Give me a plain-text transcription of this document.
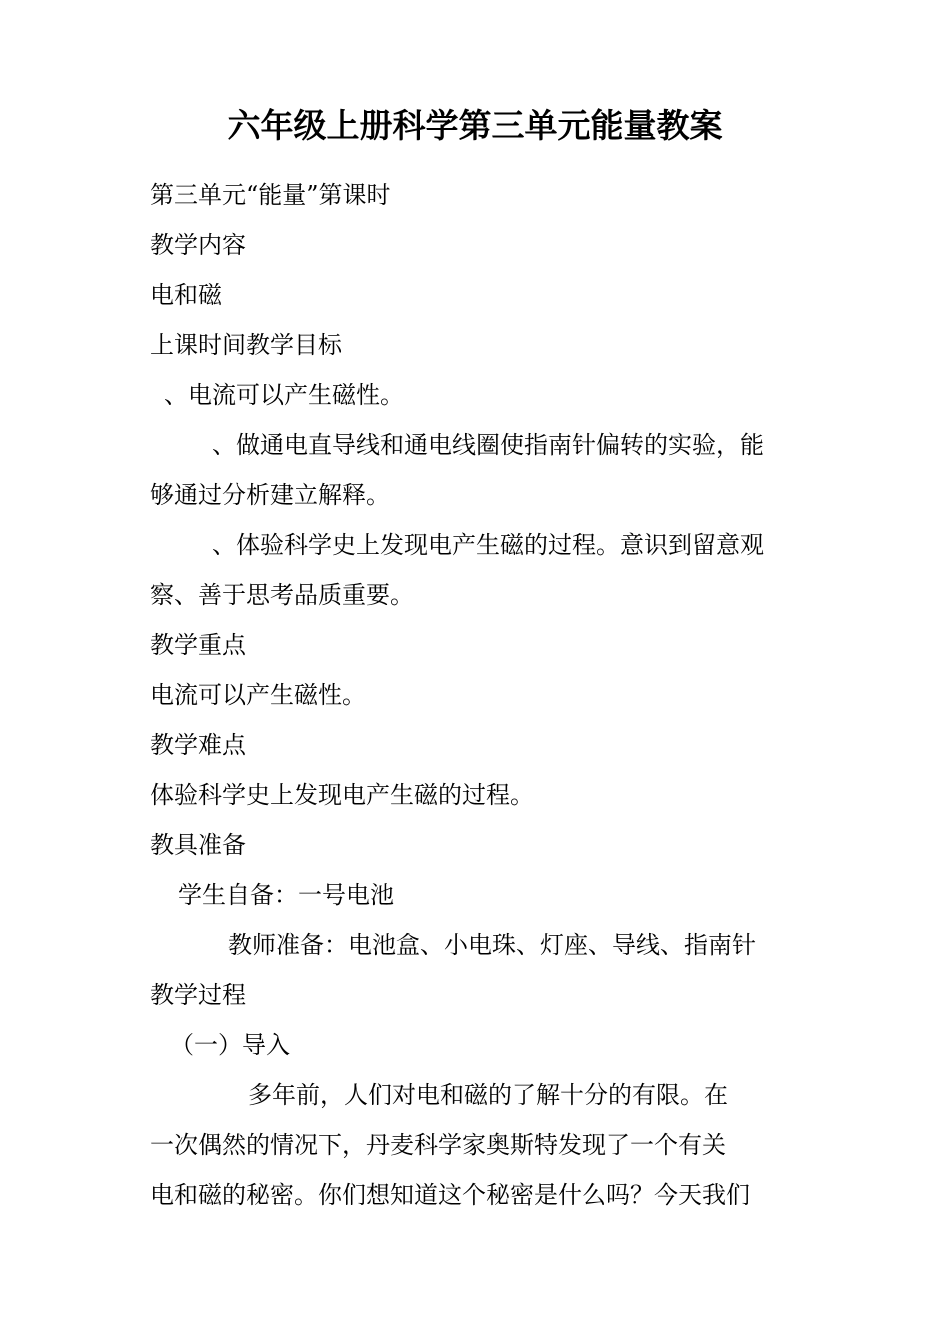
六年级上册科学第三单元能量教案
第三单元“能量”第课时
教学内容
电和磁
上课时间教学目标
、电流可以产生磁性。
、做通电直导线和通电线圈使指南针偏转的实验，能
够通过分析建立解释。
、体验科学史上发现电产生磁的过程。意识到留意观
察、善于思考品质重要。
教学重点
电流可以产生磁性。
教学难点
体验科学史上发现电产生磁的过程。
教具准备
学生自备：一号电池
教师准备：电池盒、小电珠、灯座、导线、指南针
教学过程
（一）导入
多年前，人们对电和磁的了解十分的有限。在
一次偶然的情况下，丹麦科学家奥斯特发现了一个有关
电和磁的秘密。你们想知道这个秘密是什么吗？今天我们
